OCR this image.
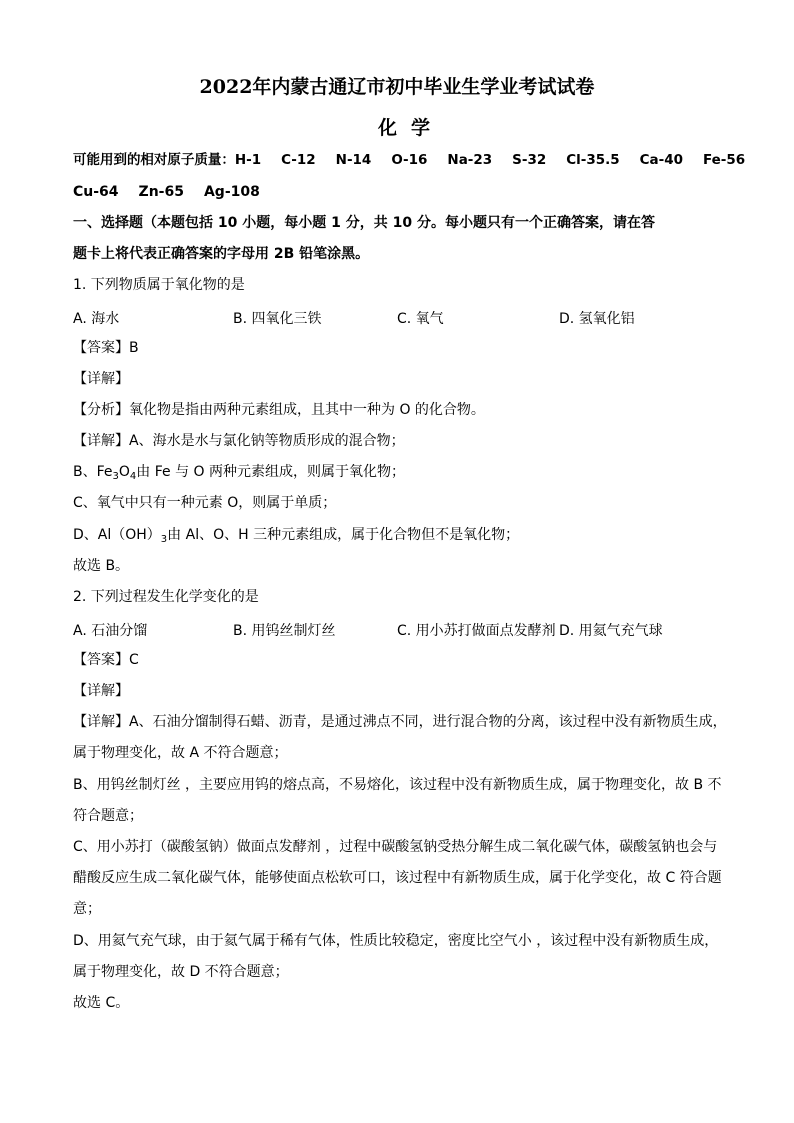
2022年内蒙古通辽市初中毕业生学业考试试卷
化学
可能用到的相对原子质量： H-1 C-12 N-14 O-16 Na-23 S-32 Cl-35.5 Ca-40 Fe-56
Cu-64 Zn-65 Ag-108
一、选择题（本题包括 10 小题，每小题 1 分，共 10 分。每小题只有一个正确答案，请在答
题卡上将代表正确答案的字母用 2B 铅笔涂黑。
1. 下列物质属于氧化物的是
A. 海水	B. 四氧化三铁	C. 氧气	D. 氢氧化铝
【答案】B
【详解】
【分析】氧化物是指由两种元素组成，且其中一种为 O 的化合物。
【详解】A、海水是水与氯化钠等物质形成的混合物；
B、$Fe_3O_4$由 Fe 与 O 两种元素组成，则属于氧化物；
C、氧气中只有一种元素 O，则属于单质；
D、$Al(OH)_3$由 Al、O、H 三种元素组成，属于化合物但不是氧化物；
故选 B。
2. 下列过程发生化学变化的是
A. 石油分馏	B. 用钨丝制灯丝	C. 用小苏打做面点发酵剂 D. 用氦气充气球
【答案】C
【详解】
【详解】A、石油分馏制得石蜡、沥青，是通过沸点不同，进行混合物的分离，该过程中没有新物质生成，
属于物理变化，故 A 不符合题意；
B、用钨丝制灯丝 ，主要应用钨的熔点高，不易熔化，该过程中没有新物质生成，属于物理变化，故 B 不
符合题意；
C、用小苏打（碳酸氢钠）做面点发酵剂 ，过程中碳酸氢钠受热分解生成二氧化碳气体，碳酸氢钠也会与
醋酸反应生成二氧化碳气体，能够使面点松软可口，该过程中有新物质生成，属于化学变化，故 C 符合题
意；
D、用氦气充气球，由于氦气属于稀有气体，性质比较稳定，密度比空气小 ，该过程中没有新物质生成，
属于物理变化，故 D 不符合题意；
故选 C。
